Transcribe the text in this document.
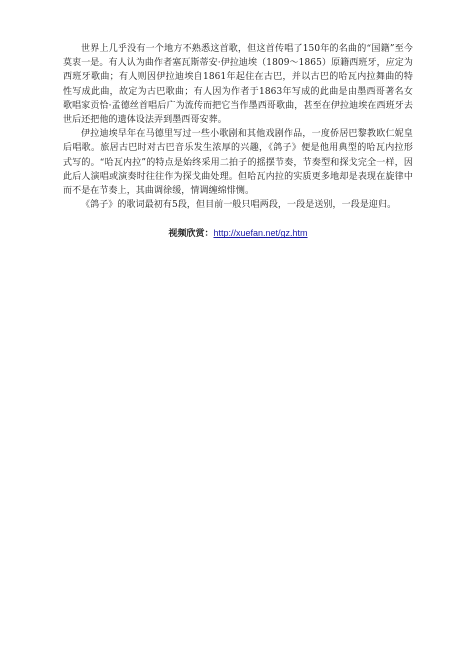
世界上几乎没有一个地方不熟悉这首歌，但这首传唱了150年的名曲的“国籍”至今莫衷一是。有人认为曲作者塞瓦斯蒂安·伊拉迪埃（1809～1865）原籍西班牙，应定为西班牙歌曲；有人则因伊拉迪埃自1861年起住在古巴，并以古巴的哈瓦内拉舞曲的特性写成此曲，故定为古巴歌曲；有人因为作者于1863年写成的此曲是由墨西哥著名女歌唱家贡恰·孟德丝首唱后广为流传而把它当作墨西哥歌曲，甚至在伊拉迪埃在西班牙去世后还把他的遗体设法弄到墨西哥安葬。

伊拉迪埃早年在马德里写过一些小歌剧和其他戏剧作品，一度侨居巴黎教欧仁妮皇后唱歌。旅居古巴时对古巴音乐发生浓厚的兴趣，《鸽子》便是他用典型的哈瓦内拉形式写的。“哈瓦内拉”的特点是始终采用二拍子的摇摆节奏，节奏型和探戈完全一样，因此后人演唱或演奏时往往作为探戈曲处理。但哈瓦内拉的实质更多地却是表现在旋律中而不是在节奏上，其曲调徐缓，情调缠绵悱恻。

《鸽子》的歌词最初有5段，但目前一般只唱两段，一段是送别，一段是迎归。

视频欣赏：http://xuefan.net/gz.htm
